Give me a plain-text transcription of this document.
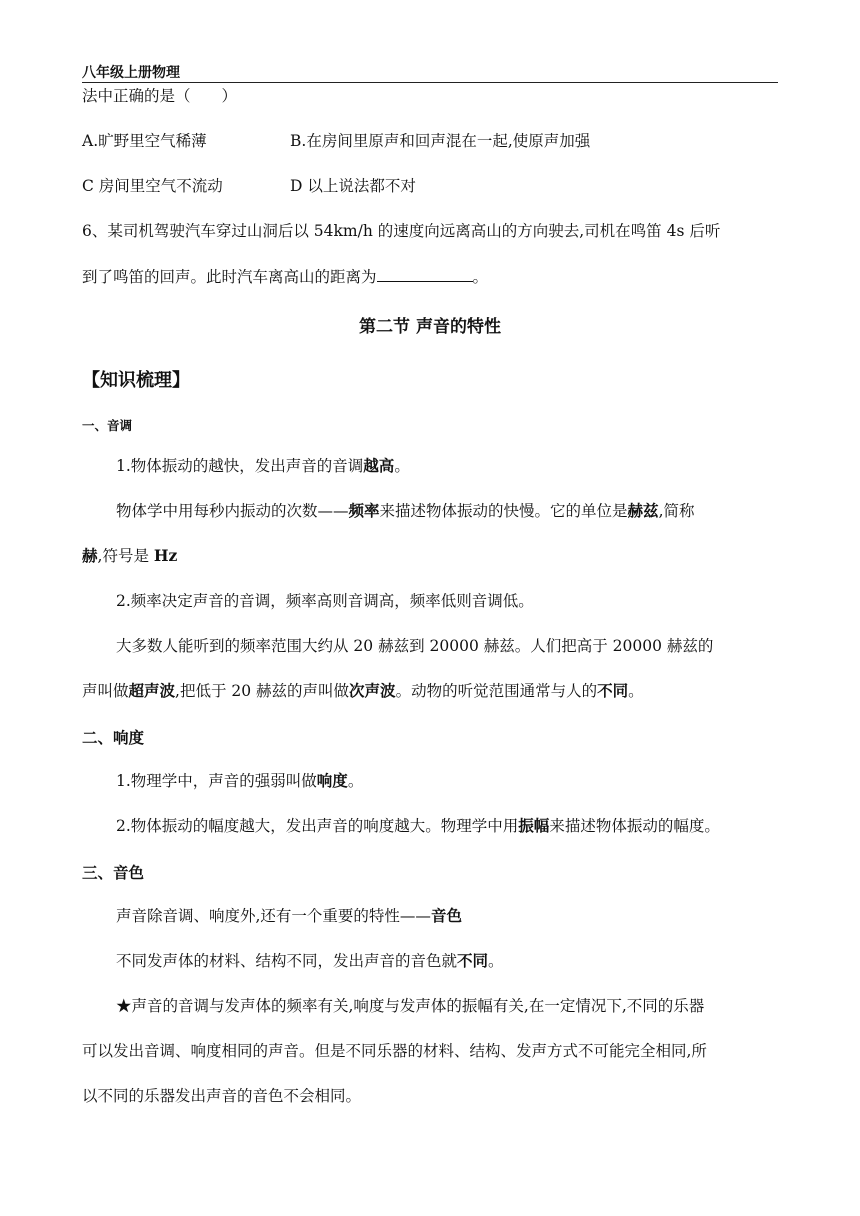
八年级上册物理
法中正确的是（　　）
A.旷野里空气稀薄	B.在房间里原声和回声混在一起,使原声加强
C 房间里空气不流动	D 以上说法都不对
6、某司机驾驶汽车穿过山洞后以 54km/h 的速度向远离高山的方向驶去,司机在鸣笛 4s 后听
到了鸣笛的回声。此时汽车离高山的距离为	。
第二节 声音的特性
【知识梳理】
一、音调
1.物体振动的越快，发出声音的音调越高。
物体学中用每秒内振动的次数——频率来描述物体振动的快慢。它的单位是赫兹,简称
赫,符号是 Hz
2.频率决定声音的音调，频率高则音调高，频率低则音调低。
大多数人能听到的频率范围大约从 20 赫兹到 20000 赫兹。人们把高于 20000 赫兹的
声叫做超声波,把低于 20 赫兹的声叫做次声波。动物的听觉范围通常与人的不同。
二、响度
1.物理学中，声音的强弱叫做响度。
2.物体振动的幅度越大，发出声音的响度越大。物理学中用振幅来描述物体振动的幅度。
三、音色
声音除音调、响度外,还有一个重要的特性——音色
不同发声体的材料、结构不同，发出声音的音色就不同。
★声音的音调与发声体的频率有关,响度与发声体的振幅有关,在一定情况下,不同的乐器
可以发出音调、响度相同的声音。但是不同乐器的材料、结构、发声方式不可能完全相同,所
以不同的乐器发出声音的音色不会相同。
